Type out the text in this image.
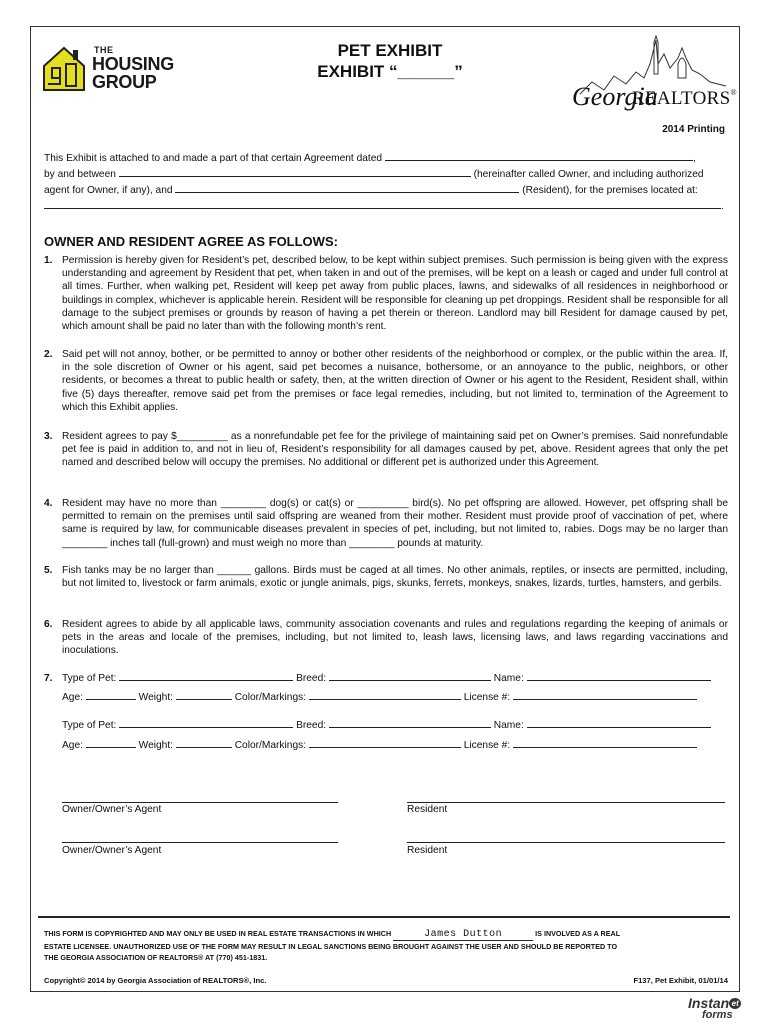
THE
HOUSING
GROUP
PET EXHIBIT
EXHIBIT “______”
Georgia
REALTORS®
2014 Printing
This Exhibit is attached to and made a part of that certain Agreement dated	,
by and between	(hereinafter called Owner, and including authorized
agent for Owner, if any), and	(Resident), for the premises located at:
.
OWNER AND RESIDENT AGREE AS FOLLOWS:
1. Permission is hereby given for Resident’s pet, described below, to be kept within subject premises. Such permission is being given with the express understanding and agreement by Resident that pet, when taken in and out of the premises, will be kept on a leash or caged and under full control at all times. Further, when walking pet, Resident will keep pet away from public places, lawns, and sidewalks of all residences in neighborhood or buildings in complex, whichever is applicable herein. Resident will be responsible for cleaning up pet droppings. Resident shall be responsible for all damage to the subject premises or grounds by reason of having a pet therein or thereon. Landlord may bill Resident for damage caused by pet, which amount shall be paid no later than with the following month’s rent.
2. Said pet will not annoy, bother, or be permitted to annoy or bother other residents of the neighborhood or complex, or the public within the area. If, in the sole discretion of Owner or his agent, said pet becomes a nuisance, bothersome, or an annoyance to the public, neighbors, or other residents, or becomes a threat to public health or safety, then, at the written direction of Owner or his agent to the Resident, Resident shall, within five (5) days thereafter, remove said pet from the premises or face legal remedies, including, but not limited to, termination of the Agreement to which this Exhibit applies.
3. Resident agrees to pay $_________ as a nonrefundable pet fee for the privilege of maintaining said pet on Owner’s premises. Said nonrefundable pet fee is paid in addition to, and not in lieu of, Resident’s responsibility for all damages caused by pet, above. Resident agrees that only the pet named and described below will occupy the premises. No additional or different pet is authorized under this Agreement.
4. Resident may have no more than ________ dog(s) or cat(s) or _________ bird(s). No pet offspring are allowed. However, pet offspring shall be permitted to remain on the premises until said offspring are weaned from their mother. Resident must provide proof of vaccination of pet, where same is required by law, for communicable diseases prevalent in species of pet, including, but not limited to, rabies. Dogs may be no larger than ________ inches tall (full-grown) and must weigh no more than ________ pounds at maturity.
5. Fish tanks may be no larger than ______ gallons. Birds must be caged at all times. No other animals, reptiles, or insects are permitted, including, but not limited to, livestock or farm animals, exotic or jungle animals, pigs, skunks, ferrets, monkeys, snakes, lizards, turtles, hamsters, and gerbils.
6. Resident agrees to abide by all applicable laws, community association covenants and rules and regulations regarding the keeping of animals or pets in the areas and locale of the premises, including, but not limited to, leash laws, licensing laws, and laws regarding vaccinations and inoculations.
7. Type of Pet:	Breed:	Name:
Age:	Weight:	Color/Markings:	License #:
Type of Pet:	Breed:	Name:
Age:	Weight:	Color/Markings:	License #:
Owner/Owner’s Agent	Resident
Owner/Owner’s Agent	Resident
THIS FORM IS COPYRIGHTED AND MAY ONLY BE USED IN REAL ESTATE TRANSACTIONS IN WHICH	James Dutton	IS INVOLVED AS A REAL
ESTATE LICENSEE. UNAUTHORIZED USE OF THE FORM MAY RESULT IN LEGAL SANCTIONS BEING BROUGHT AGAINST THE USER AND SHOULD BE REPORTED TO
THE GEORGIA ASSOCIATION OF REALTORS® AT (770) 451-1831.
Copyright© 2014 by Georgia Association of REALTORS®, Inc.	F137, Pet Exhibit, 01/01/14
Instan et
forms
